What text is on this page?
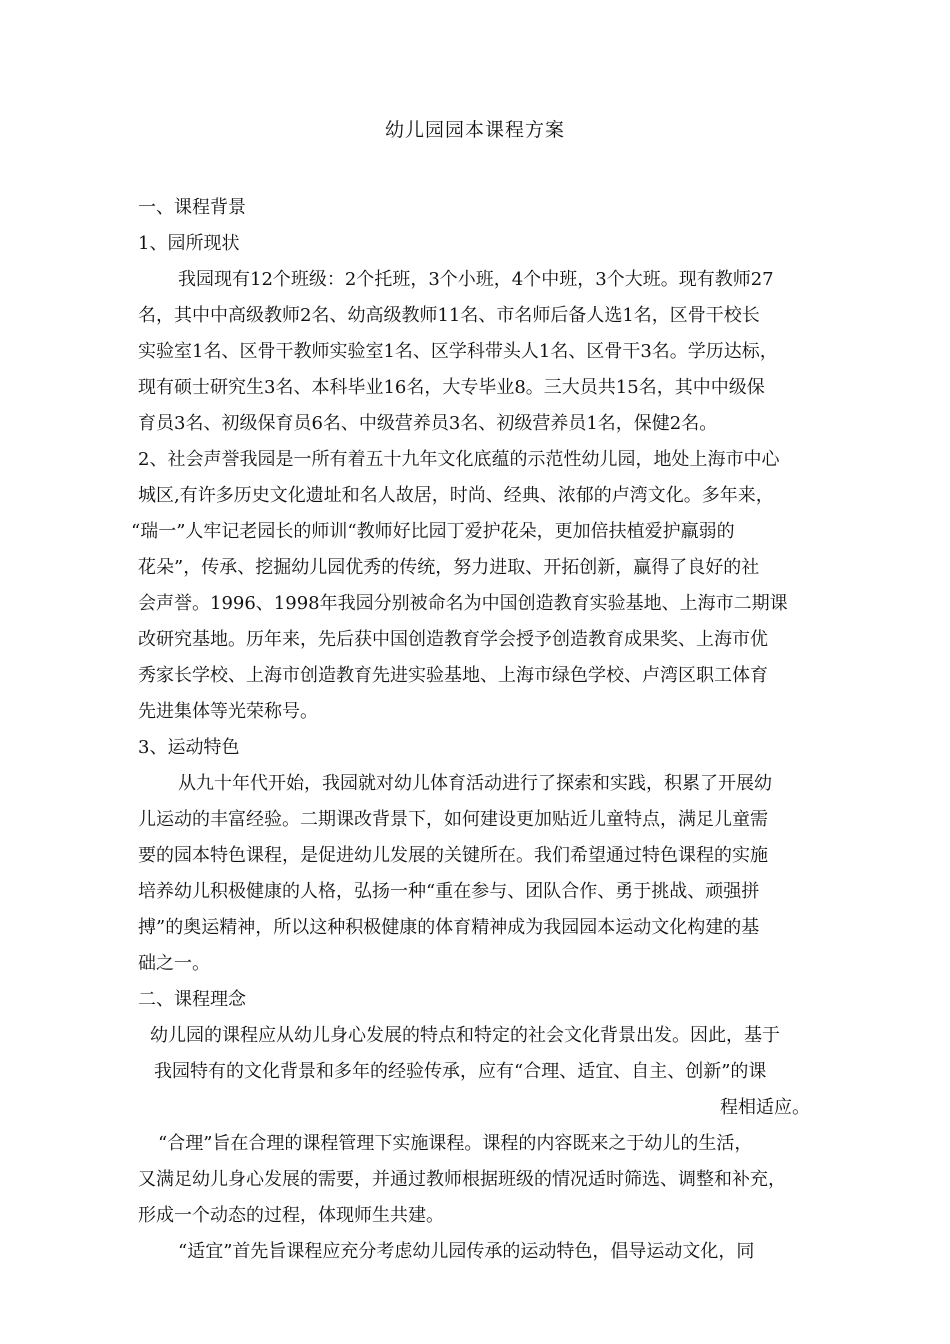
幼儿园园本课程方案
一、课程背景
1、园所现状
我园现有12个班级：2个托班，3个小班，4个中班，3个大班。现有教师27
名，其中中高级教师2名、幼高级教师11名、市名师后备人选1名，区骨干校长
实验室1名、区骨干教师实验室1名、区学科带头人1名、区骨干3名。学历达标，
现有硕士研究生3名、本科毕业16名，大专毕业8。三大员共15名，其中中级保
育员3名、初级保育员6名、中级营养员3名、初级营养员1名，保健2名。
2、社会声誉我园是一所有着五十九年文化底蕴的示范性幼儿园，地处上海市中心
城区,有许多历史文化遗址和名人故居，时尚、经典、浓郁的卢湾文化。多年来，
“瑞一”人牢记老园长的师训“教师好比园丁爱护花朵，更加倍扶植爱护羸弱的
花朵”，传承、挖掘幼儿园优秀的传统，努力进取、开拓创新，赢得了良好的社
会声誉。1996、1998年我园分别被命名为中国创造教育实验基地、上海市二期课
改研究基地。历年来，先后获中国创造教育学会授予创造教育成果奖、上海市优
秀家长学校、上海市创造教育先进实验基地、上海市绿色学校、卢湾区职工体育
先进集体等光荣称号。
3、运动特色
从九十年代开始，我园就对幼儿体育活动进行了探索和实践，积累了开展幼
儿运动的丰富经验。二期课改背景下，如何建设更加贴近儿童特点，满足儿童需
要的园本特色课程，是促进幼儿发展的关键所在。我们希望通过特色课程的实施
培养幼儿积极健康的人格，弘扬一种“重在参与、团队合作、勇于挑战、顽强拼
搏”的奥运精神，所以这种积极健康的体育精神成为我园园本运动文化构建的基
础之一。
二、课程理念
幼儿园的课程应从幼儿身心发展的特点和特定的社会文化背景出发。因此，基于
我园特有的文化背景和多年的经验传承，应有“合理、适宜、自主、创新”的课
程相适应。
“合理”旨在合理的课程管理下实施课程。课程的内容既来之于幼儿的生活，
又满足幼儿身心发展的需要，并通过教师根据班级的情况适时筛选、调整和补充，
形成一个动态的过程，体现师生共建。
“适宜”首先旨课程应充分考虑幼儿园传承的运动特色，倡导运动文化，同
